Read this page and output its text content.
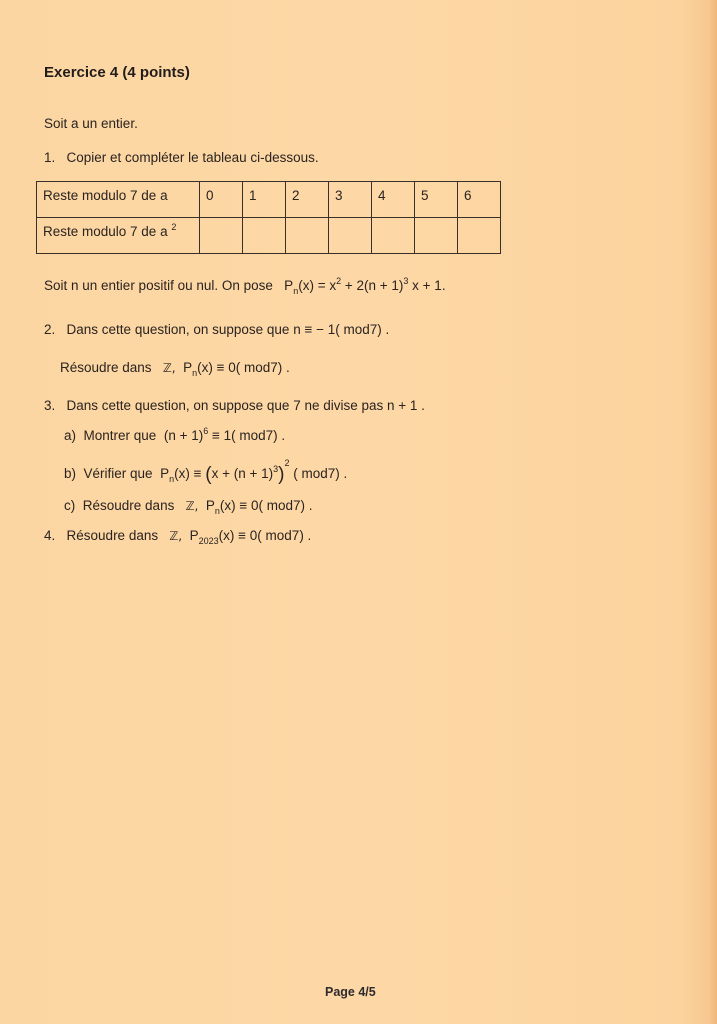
Exercice 4 (4 points)
Soit a un entier.
1. Copier et compléter le tableau ci-dessous.
Reste modulo 7 de a	0	1	2	3	4	5	6
Reste modulo 7 de a $^2$							
Soit n un entier positif ou nul. On pose $P_n(x) = x^2 + 2(n + 1)^3$ x + 1.
2. Dans cette question, on suppose que n ≡ − 1( mod7) .
Résoudre dans ℤ, $P_n(x) \equiv 0$( mod7) .
3. Dans cette question, on suppose que 7 ne divise pas n + 1 .
a) Montrer que $(n + 1)^6 \equiv 1$( mod7) .
b) Vérifier que $P_n(x) \equiv (x + (n + 1)^3)^2$ ( mod7) .
c) Résoudre dans ℤ, $P_n(x) \equiv 0$( mod7) .
4. Résoudre dans ℤ, $P_{2023}(x) \equiv 0$( mod7) .
Page 4/5
